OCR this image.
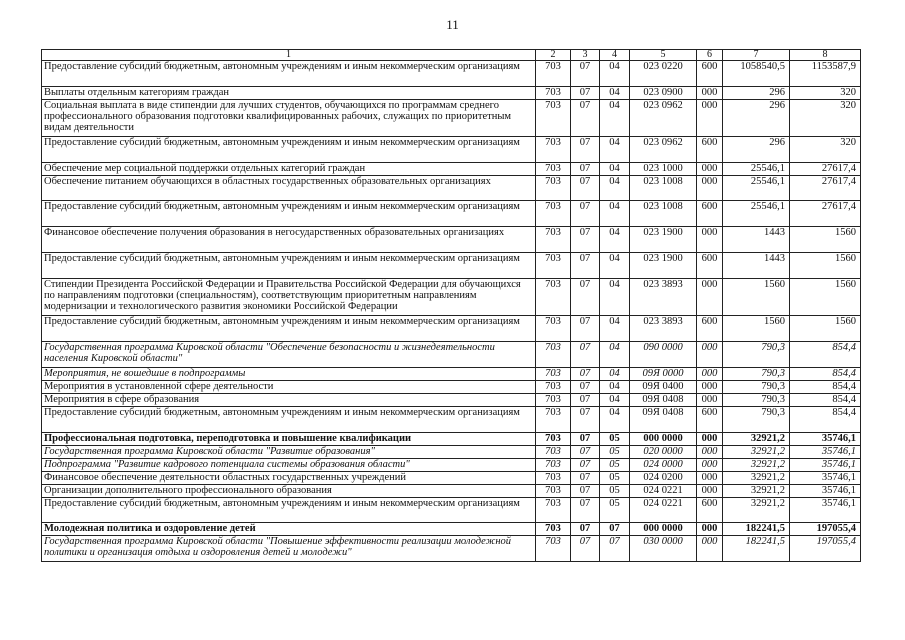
11
1	2	3	4	5	6	7	8
Предоставление субсидий бюджетным, автономным учреждениям и иным некоммерческим организациям	703	07	04	023 0220	600	1058540,5	1153587,9
Выплаты отдельным категориям граждан	703	07	04	023 0900	000	296	320
Социальная выплата в виде стипендии для лучших студентов, обучающихся по программам среднего профессионального образования подготовки квалифицированных рабочих, служащих по приоритетным видам деятельности	703	07	04	023 0962	000	296	320
Предоставление субсидий бюджетным, автономным учреждениям и иным некоммерческим организациям	703	07	04	023 0962	600	296	320
Обеспечение мер социальной поддержки отдельных категорий граждан	703	07	04	023 1000	000	25546,1	27617,4
Обеспечение питанием обучающихся в областных государственных образовательных организациях	703	07	04	023 1008	000	25546,1	27617,4
Предоставление субсидий бюджетным, автономным учреждениям и иным некоммерческим организациям	703	07	04	023 1008	600	25546,1	27617,4
Финансовое обеспечение получения образования в негосударственных образовательных организациях	703	07	04	023 1900	000	1443	1560
Предоставление субсидий бюджетным, автономным учреждениям и иным некоммерческим организациям	703	07	04	023 1900	600	1443	1560
Стипендии Президента Российской Федерации и Правительства Российской Федерации для обучающихся по направлениям подготовки (специальностям), соответствующим приоритетным направлениям модернизации и технологического развития экономики Российской Федерации	703	07	04	023 3893	000	1560	1560
Предоставление субсидий бюджетным, автономным учреждениям и иным некоммерческим организациям	703	07	04	023 3893	600	1560	1560
Государственная программа Кировской области "Обеспечение безопасности и жизнедеятельности населения Кировской области"	703	07	04	090 0000	000	790,3	854,4
Мероприятия, не вошедшие в подпрограммы	703	07	04	09Я 0000	000	790,3	854,4
Мероприятия в установленной сфере деятельности	703	07	04	09Я 0400	000	790,3	854,4
Мероприятия в сфере образования	703	07	04	09Я 0408	000	790,3	854,4
Предоставление субсидий бюджетным, автономным учреждениям и иным некоммерческим организациям	703	07	04	09Я 0408	600	790,3	854,4
Профессиональная подготовка, переподготовка и повышение квалификации	703	07	05	000 0000	000	32921,2	35746,1
Государственная программа Кировской области "Развитие образования"	703	07	05	020 0000	000	32921,2	35746,1
Подпрограмма "Развитие кадрового потенциала системы образования области"	703	07	05	024 0000	000	32921,2	35746,1
Финансовое обеспечение деятельности областных государственных учреждений	703	07	05	024 0200	000	32921,2	35746,1
Организации дополнительного профессионального образования	703	07	05	024 0221	000	32921,2	35746,1
Предоставление субсидий бюджетным, автономным учреждениям и иным некоммерческим организациям	703	07	05	024 0221	600	32921,2	35746,1
Молодежная политика и оздоровление детей	703	07	07	000 0000	000	182241,5	197055,4
Государственная программа Кировской области "Повышение эффективности реализации молодежной политики и организация отдыха и оздоровления детей и молодежи"	703	07	07	030 0000	000	182241,5	197055,4
